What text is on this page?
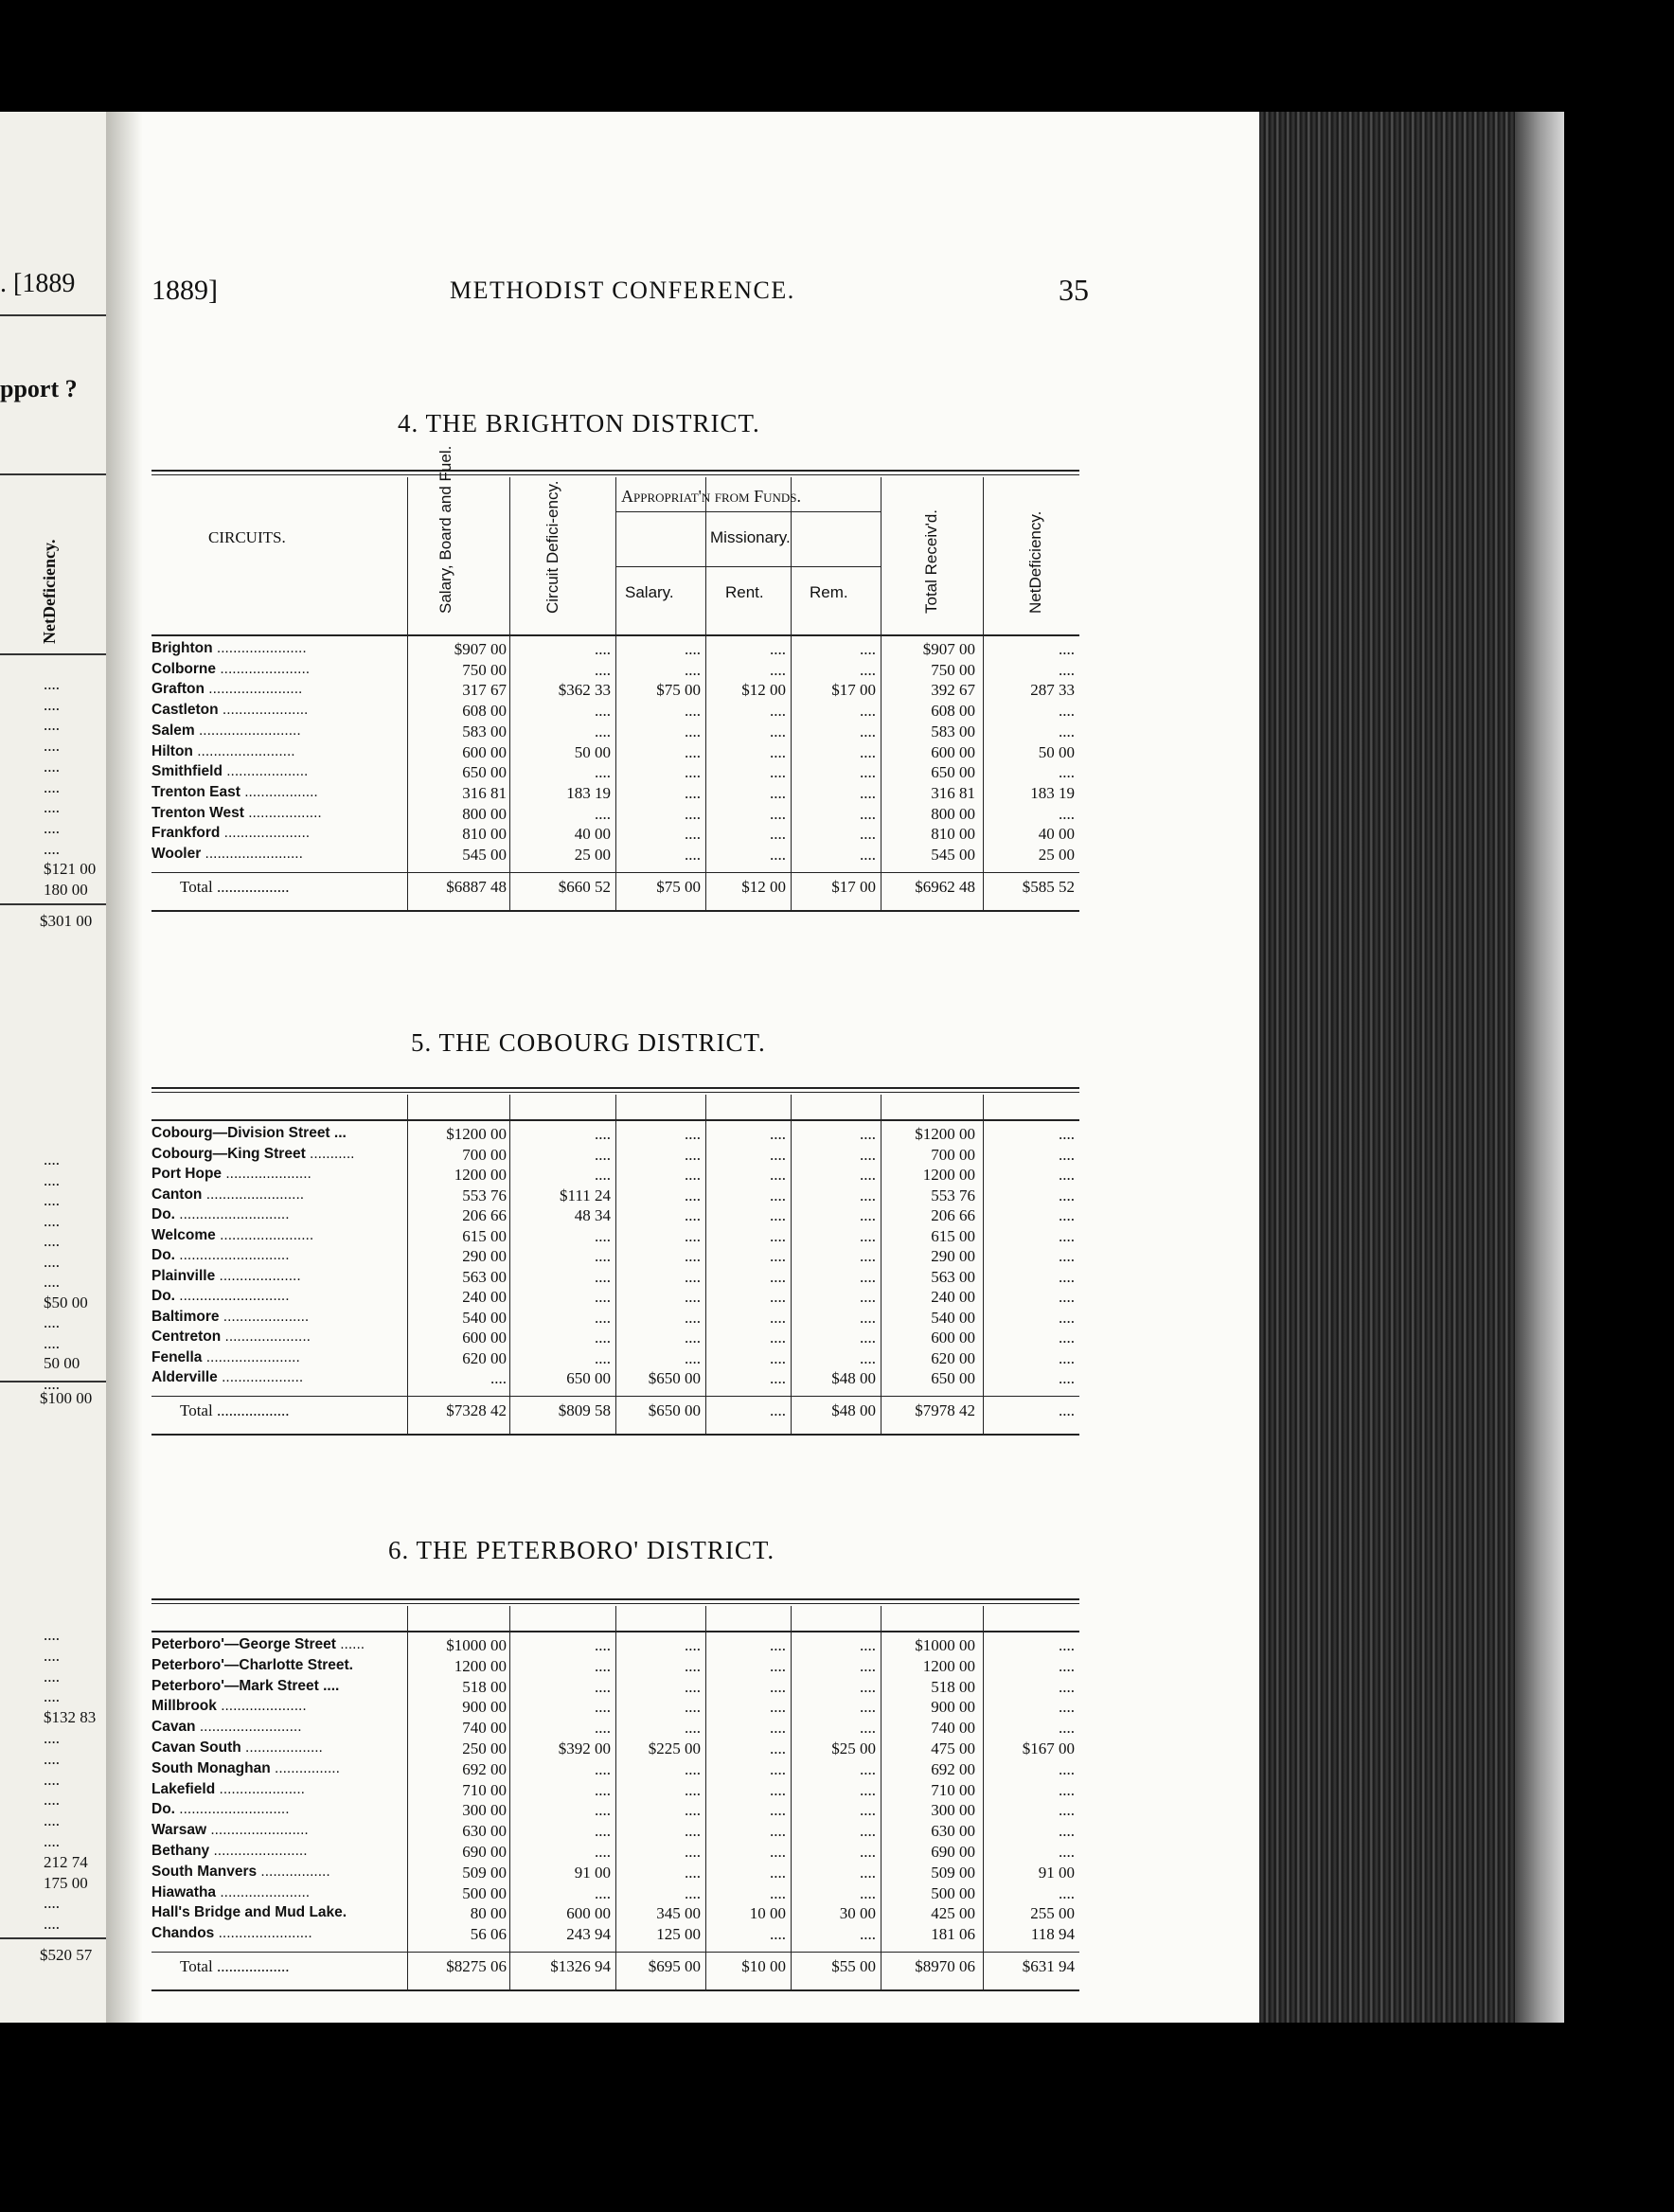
. [1889
pport ?
NetDeficiency.
1889]	METHODIST CONFERENCE.	35
CIRCUITS.	Salary, Board and Fuel.	Circuit Defici-ency.	Appropriat'n from Funds.
Missionary.
Salary.	Rent.	Rem.	Total Receiv'd.	NetDeficiency.
Brighton ......................	$907 00	....	....	....	....	$907 00	....
Colborne ......................	750 00	....	....	....	....	750 00	....
Grafton .......................	317 67	$362 33	$75 00	$12 00	$17 00	392 67	287 33
Castleton .....................	608 00	....	....	....	....	608 00	....
Salem .........................	583 00	....	....	....	....	583 00	....
Hilton ........................	600 00	50 00	....	....	....	600 00	50 00
Smithfield ....................	650 00	....	....	....	....	650 00	....
Trenton East ..................	316 81	183 19	....	....	....	316 81	183 19
Trenton West ..................	800 00	....	....	....	....	800 00	....
Frankford .....................	810 00	40 00	....	....	....	810 00	40 00
Wooler ........................	545 00	25 00	....	....	....	545 00	25 00
Total ..................	$6887 48	$660 52	$75 00	$12 00	$17 00	$6962 48	$585 52
Cobourg—Division Street ...	$1200 00	....	....	....	....	$1200 00	....
Cobourg—King Street ...........	700 00	....	....	....	....	700 00	....
Port Hope .....................	1200 00	....	....	....	....	1200 00	....
Canton ........................	553 76	$111 24	....	....	....	553 76	....
Do. ...........................	206 66	48 34	....	....	....	206 66	....
Welcome .......................	615 00	....	....	....	....	615 00	....
Do. ...........................	290 00	....	....	....	....	290 00	....
Plainville ....................	563 00	....	....	....	....	563 00	....
Do. ...........................	240 00	....	....	....	....	240 00	....
Baltimore .....................	540 00	....	....	....	....	540 00	....
Centreton .....................	600 00	....	....	....	....	600 00	....
Fenella .......................	620 00	....	....	....	....	620 00	....
Alderville ....................	....	650 00	$650 00	....	$48 00	650 00	....
Total ..................	$7328 42	$809 58	$650 00	....	$48 00	$7978 42	....
Peterboro'—George Street ......	$1000 00	....	....	....	....	$1000 00	....
Peterboro'—Charlotte Street.	1200 00	....	....	....	....	1200 00	....
Peterboro'—Mark Street ....	518 00	....	....	....	....	518 00	....
Millbrook .....................	900 00	....	....	....	....	900 00	....
Cavan .........................	740 00	....	....	....	....	740 00	....
Cavan South ...................	250 00	$392 00	$225 00	....	$25 00	475 00	$167 00
South Monaghan ................	692 00	....	....	....	....	692 00	....
Lakefield .....................	710 00	....	....	....	....	710 00	....
Do. ...........................	300 00	....	....	....	....	300 00	....
Warsaw ........................	630 00	....	....	....	....	630 00	....
Bethany .......................	690 00	....	....	....	....	690 00	....
South Manvers .................	509 00	91 00	....	....	....	509 00	91 00
Hiawatha ......................	500 00	....	....	....	....	500 00	....
Hall's Bridge and Mud Lake.	80 00	600 00	345 00	10 00	30 00	425 00	255 00
Chandos .......................	56 06	243 94	125 00	....	....	181 06	118 94
Total ..................	$8275 06	$1326 94	$695 00	$10 00	$55 00	$8970 06	$631 94
4. THE BRIGHTON DISTRICT.
5. THE COBOURG DISTRICT.
6. THE PETERBORO' DISTRICT.
....
....
....
....
....
....
....
....
....
$121 00
180 00
$301 00
....
....
....
....
....
....
....
$50 00
....
....
50 00
....
$100 00
....
....
....
....
$132 83
....
....
....
....
....
....
212 74
175 00
....
....
$520 57
